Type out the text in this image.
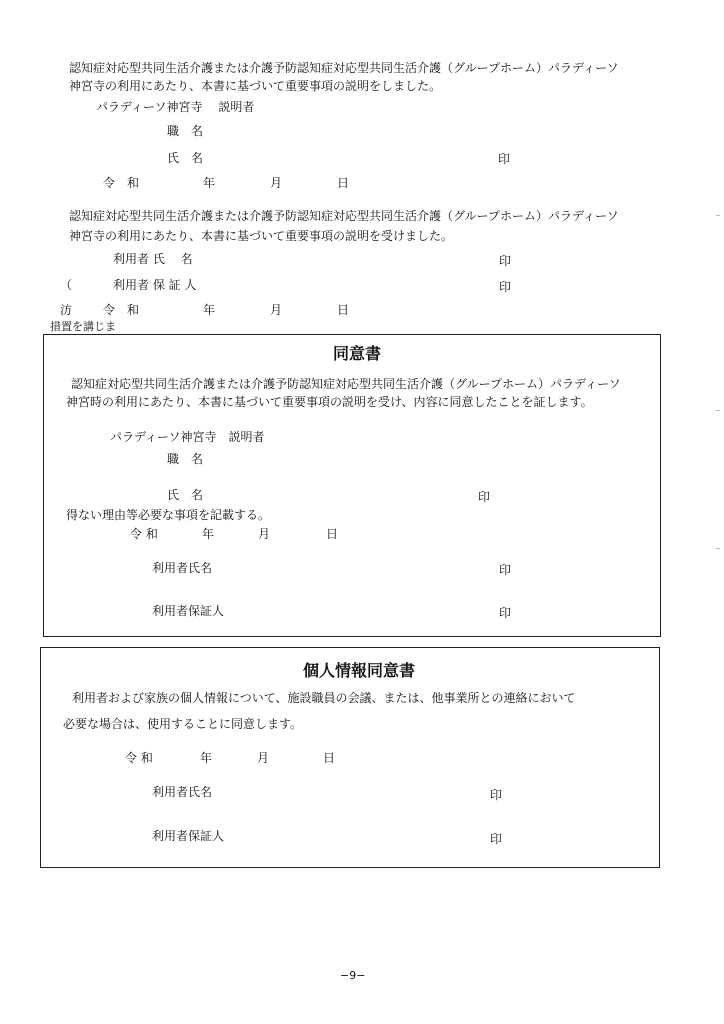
認知症対応型共同生活介護または介護予防認知症対応型共同生活介護（グループホーム）パラディーソ
神宮寺の利用にあたり、本書に基づいて重要事項の説明をしました。
パラディーソ神宮寺　 説明者
職　名
氏　名	印
令　和	年	月	日
認知症対応型共同生活介護または介護予防認知症対応型共同生活介護（グループホーム）パラディーソ
神宮寺の利用にあたり、本書に基づいて重要事項の説明を受けました。
利用者 氏　 名	印
（	利用者 保 証 人	印
汸	令　和	年	月	日
措置を講じま
同意書
認知症対応型共同生活介護または介護予防認知症対応型共同生活介護（グループホーム）パラディーソ
神宮時の利用にあたり、本書に基づいて重要事項の説明を受け、内容に同意したことを証します。
パラディーソ神宮寺　説明者
職　名
氏　名	印
得ない理由等必要な事項を記載する。
令 和	年	月	日
利用者氏名	印
利用者保証人	印
個人情報同意書
利用者および家族の個人情報について、施設職員の会議、または、他事業所との連絡において
必要な場合は、使用することに同意します。
令 和	年	月	日
利用者氏名	印
利用者保証人	印
−9−
